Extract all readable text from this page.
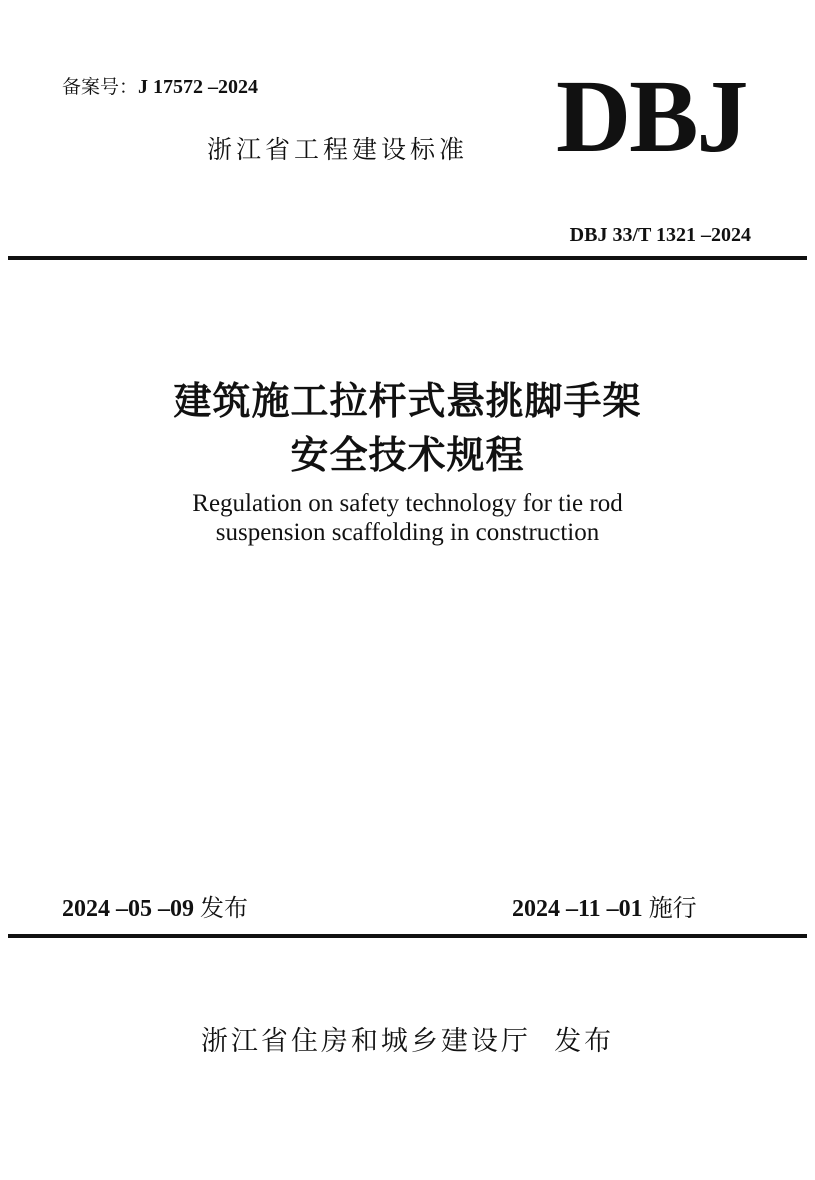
备案号：J 17572 –2024
浙江省工程建设标准 DBJ
DBJ 33/T 1321 –2024
建筑施工拉杆式悬挑脚手架
安全技术规程
Regulation on safety technology for tie rod
suspension scaffolding in construction
2024 –05 –09 发布	2024 –11 –01 施行
浙江省住房和城乡建设厅  发布
